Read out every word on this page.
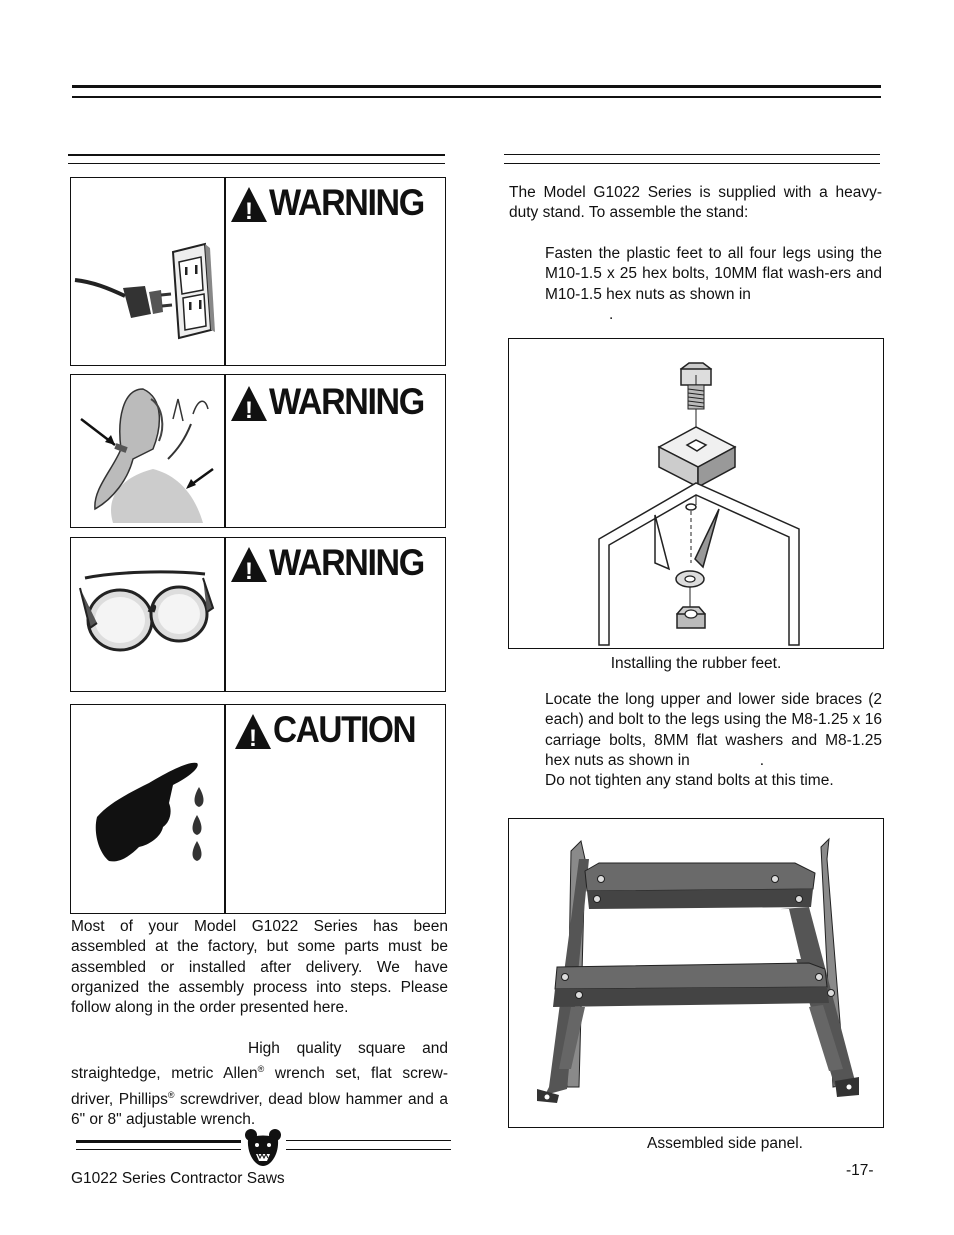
! WARNING
! WARNING
! WARNING
! CAUTION
Most of your Model G1022 Series has been assembled at the factory, but some parts must be assembled or installed after delivery. We have organized the assembly process into steps. Please follow along in the order presented here.
High quality square and straightedge, metric Allen® wrench set, flat screw-driver, Phillips® screwdriver, dead blow hammer and a 6" or 8" adjustable wrench.
G1022 Series Contractor Saws	-17-
The Model G1022 Series is supplied with a heavy-duty stand. To assemble the stand:
Fasten the plastic feet to all four legs using the M10-1.5 x 25 hex bolts, 10MM flat wash-ers and M10-1.5 hex nuts as shown in
.
Installing the rubber feet.
Locate the long upper and lower side braces (2 each) and bolt to the legs using the M8-1.25 x 16 carriage bolts, 8MM flat washers and M8-1.25 hex nuts as shown in	.
Do not tighten any stand bolts at this time.
Assembled side panel.
